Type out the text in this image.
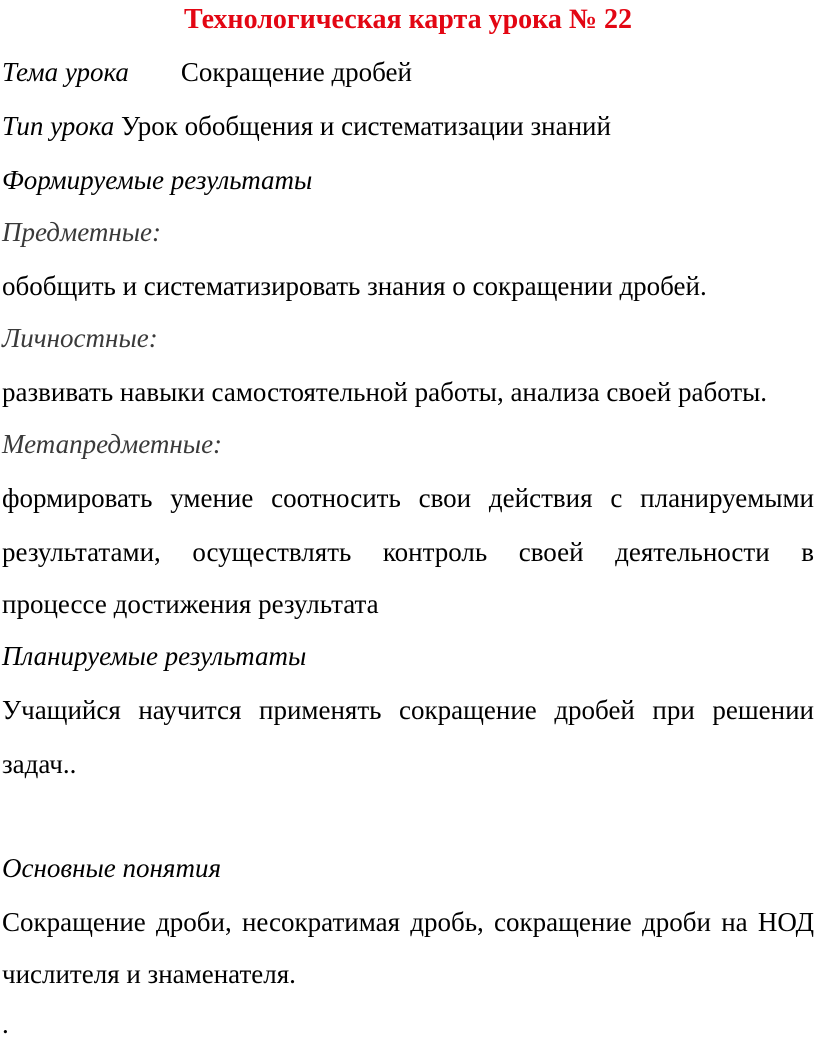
Технологическая карта урока № 22
Тема урока Сокращение дробей
Тип урока Урок обобщения и систематизации знаний
Формируемые результаты
Предметные:
обобщить и систематизировать знания о сокращении дробей.
Личностные:
развивать навыки самостоятельной работы, анализа своей работы.
Метапредметные:
формировать умение соотносить свои действия с планируемыми
результатами, осуществлять контроль своей деятельности в
процессе достижения результата
Планируемые результаты
Учащийся научится применять сокращение дробей при решении
задач..
Основные понятия
Сокращение дроби, несократимая дробь, сокращение дроби на НОД
числителя и знаменателя.
.
